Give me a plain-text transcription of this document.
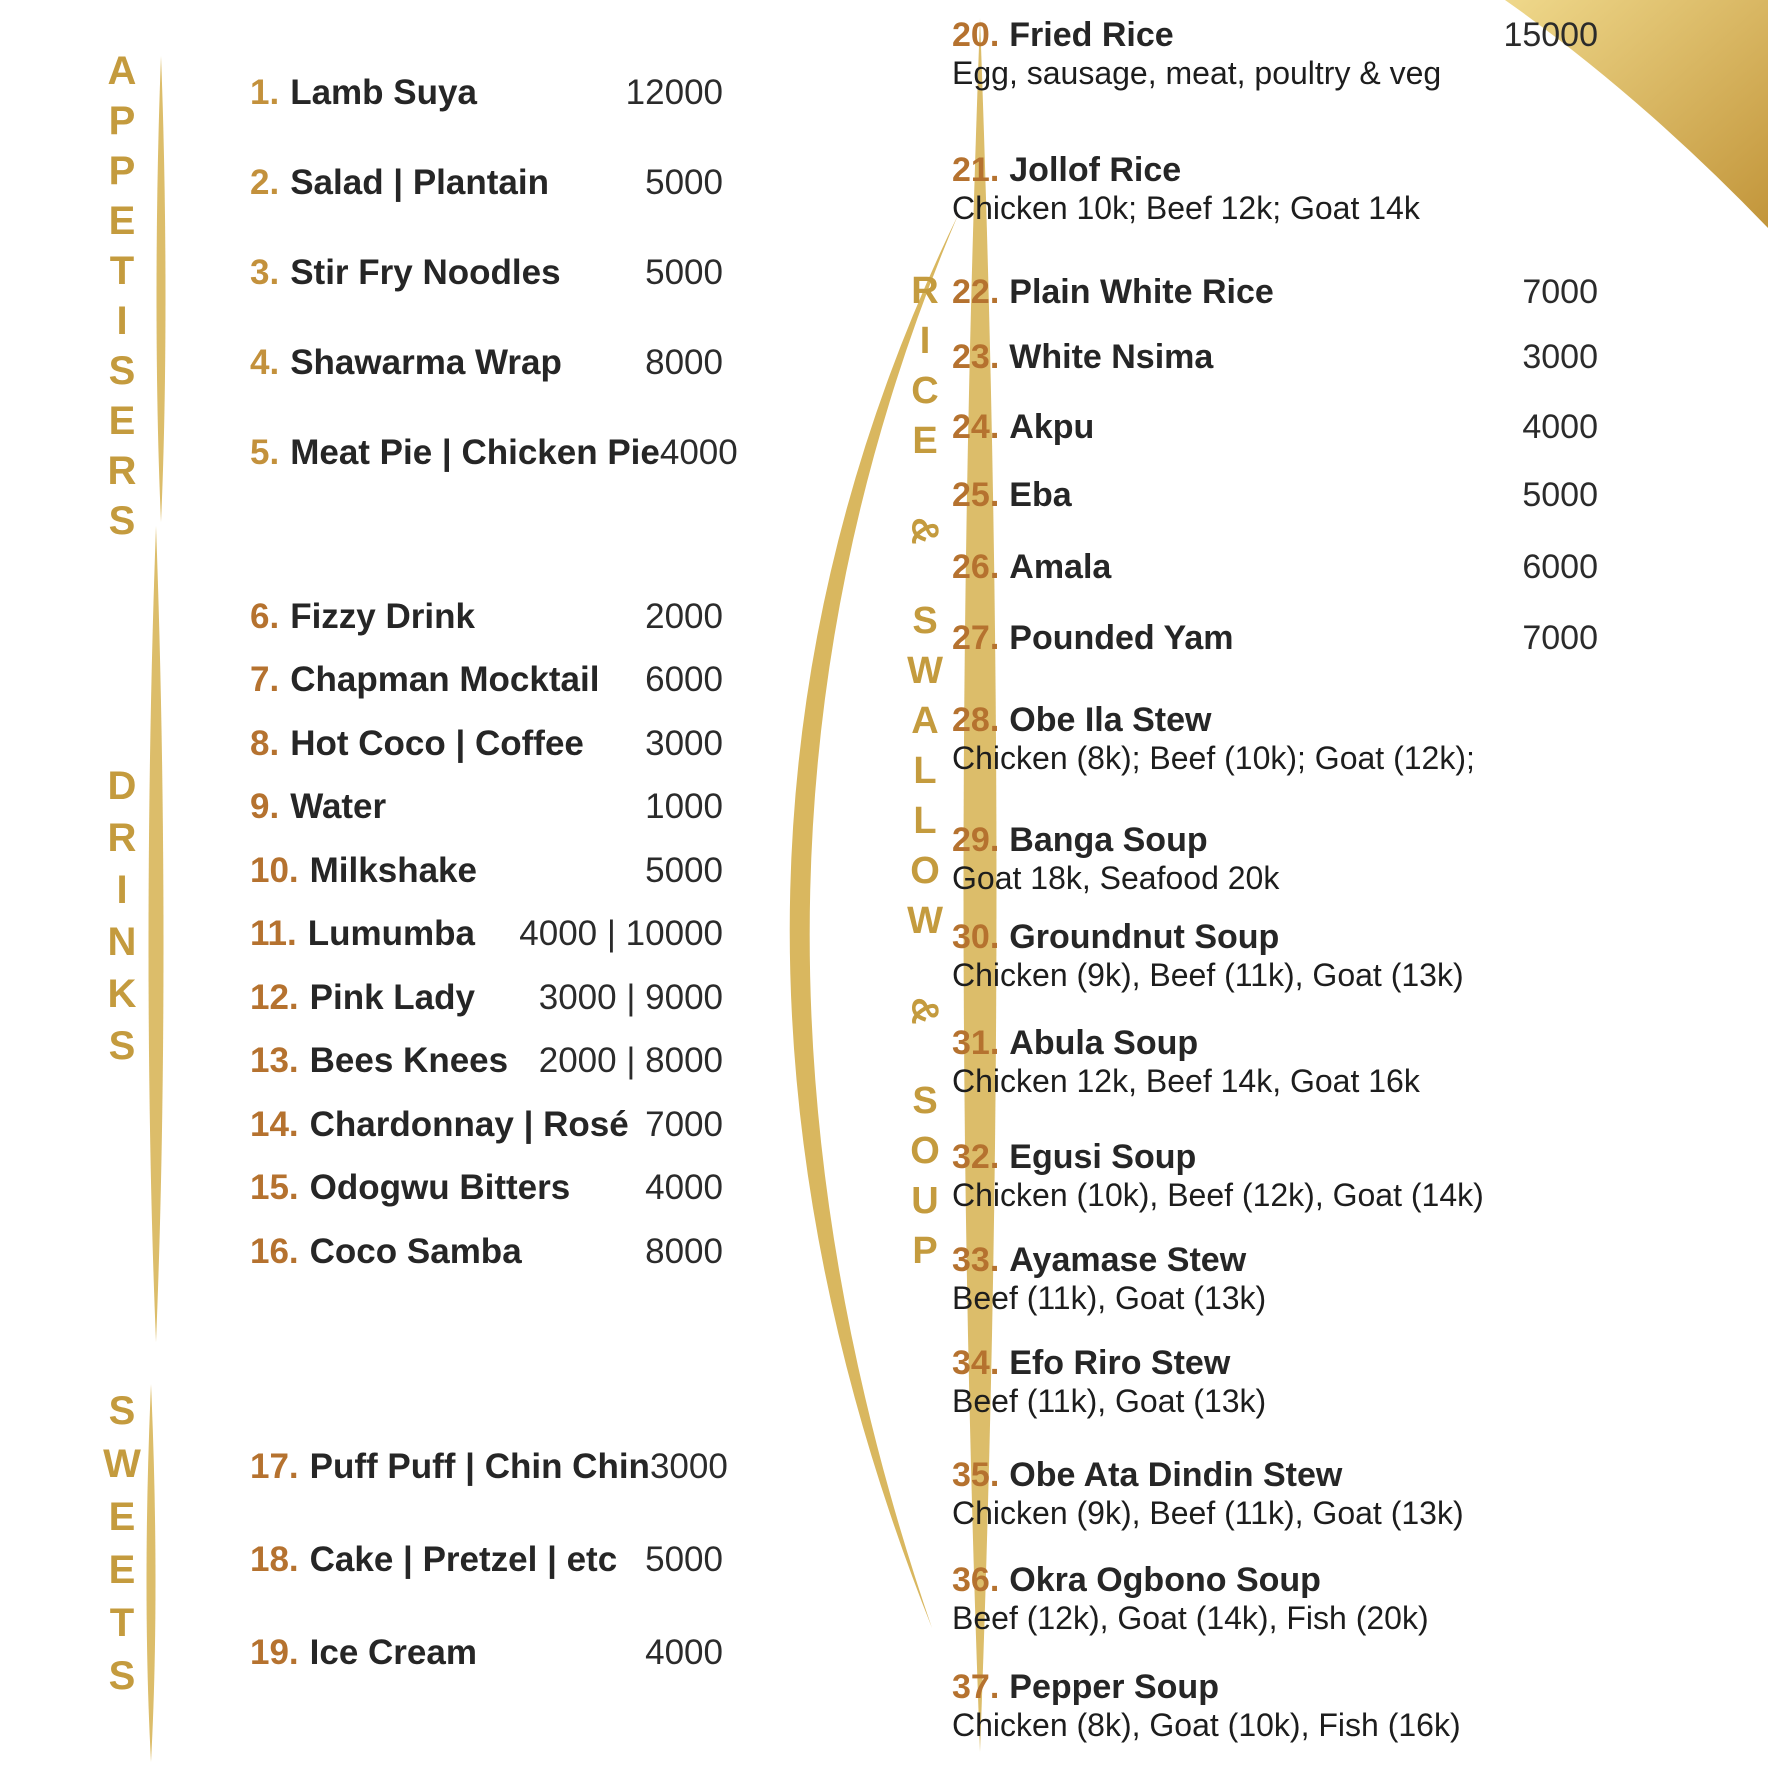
A
P
P
E
T
I
S
E
R
S
D
R
I
N
K
S
S
W
E
E
T
S
R
I
C
E
&
S
W
A
L
L
O
W
&
S
O
U
P
1. Lamb Suya	12000
2. Salad | Plantain	5000
3. Stir Fry Noodles 5000
4. Shawarma Wrap 8000
5. Meat Pie | Chicken Pie 4000
6. Fizzy Drink	2000
7. Chapman Mocktail 6000
8. Hot Coco | Coffee 3000
9. Water	1000
10. Milkshake	5000
11. Lumumba 4000 | 10000
12. Pink Lady 3000 | 9000
13. Bees Knees 2000 | 8000
14. Chardonnay | Rosé 7000
15. Odogwu Bitters 4000
16. Coco Samba	8000
17. Puff Puff | Chin Chin 3000
18. Cake | Pretzel | etc 5000
19. Ice Cream	4000
20. Fried Rice	15000
Egg, sausage, meat, poultry & veg
21. Jollof Rice
Chicken 10k; Beef 12k; Goat 14k
22. Plain White Rice	7000
23. White Nsima	3000
24. Akpu	4000
25. Eba	5000
26. Amala	6000
27. Pounded Yam	7000
28. Obe Ila Stew
Chicken (8k); Beef (10k); Goat (12k);
29. Banga Soup
Goat 18k, Seafood 20k
30. Groundnut Soup
Chicken (9k), Beef (11k), Goat (13k)
31. Abula Soup
Chicken 12k, Beef 14k, Goat 16k
32. Egusi Soup
Chicken (10k), Beef (12k), Goat (14k)
33. Ayamase Stew
Beef (11k), Goat (13k)
34. Efo Riro Stew
Beef (11k), Goat (13k)
35. Obe Ata Dindin Stew
Chicken (9k), Beef (11k), Goat (13k)
36. Okra Ogbono Soup
Beef (12k), Goat (14k), Fish (20k)
37. Pepper Soup
Chicken (8k), Goat (10k), Fish (16k)
